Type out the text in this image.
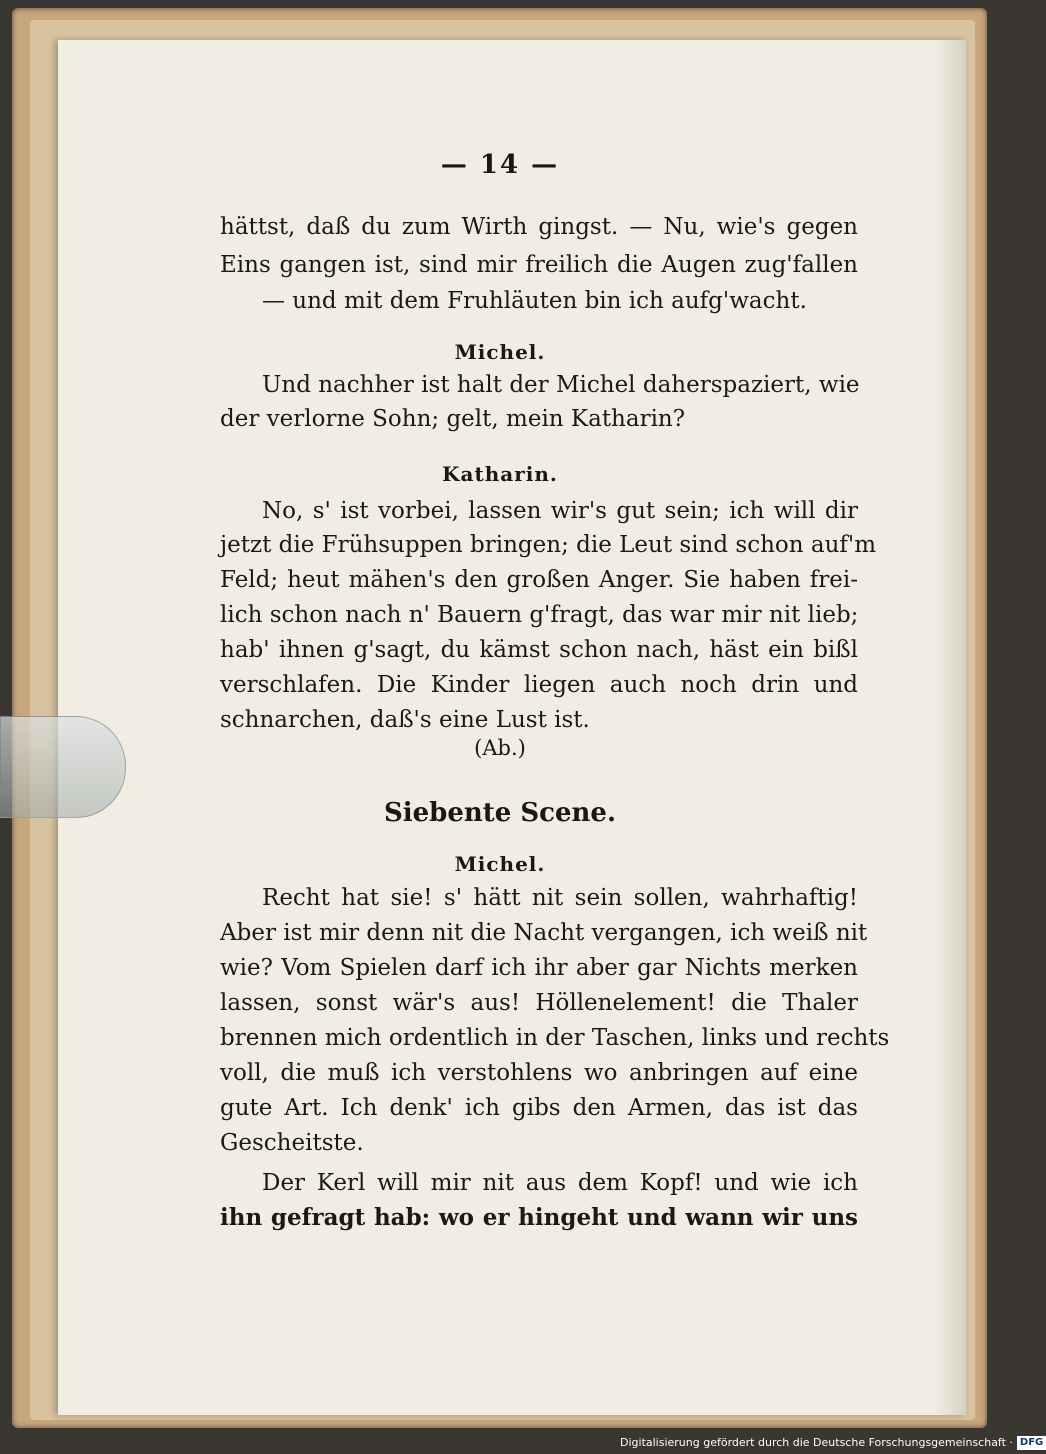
— 14 —
hättst, daß du zum Wirth gingst. — Nu, wie's gegen
Eins gangen ist, sind mir freilich die Augen zug'fallen
— und mit dem Fruhläuten bin ich aufg'wacht.
Michel.
Und nachher ist halt der Michel daherspaziert, wie
der verlorne Sohn; gelt, mein Katharin?
Katharin.
No, s' ist vorbei, lassen wir's gut sein; ich will dir
jetzt die Frühsuppen bringen; die Leut sind schon auf'm
Feld; heut mähen's den großen Anger. Sie haben frei-
lich schon nach n' Bauern g'fragt, das war mir nit lieb;
hab' ihnen g'sagt, du kämst schon nach, häst ein bißl
verschlafen. Die Kinder liegen auch noch drin und
schnarchen, daß's eine Lust ist.
(Ab.)
Siebente Scene.
Michel.
Recht hat sie! s' hätt nit sein sollen, wahrhaftig!
Aber ist mir denn nit die Nacht vergangen, ich weiß nit
wie? Vom Spielen darf ich ihr aber gar Nichts merken
lassen, sonst wär's aus! Höllenelement! die Thaler
brennen mich ordentlich in der Taschen, links und rechts
voll, die muß ich verstohlens wo anbringen auf eine
gute Art. Ich denk' ich gibs den Armen, das ist das
Gescheitste.
Der Kerl will mir nit aus dem Kopf! und wie ich
ihn gefragt hab: wo er hingeht und wann wir uns
Digitalisierung gefördert durch die Deutsche Forschungsgemeinschaft · DFG
